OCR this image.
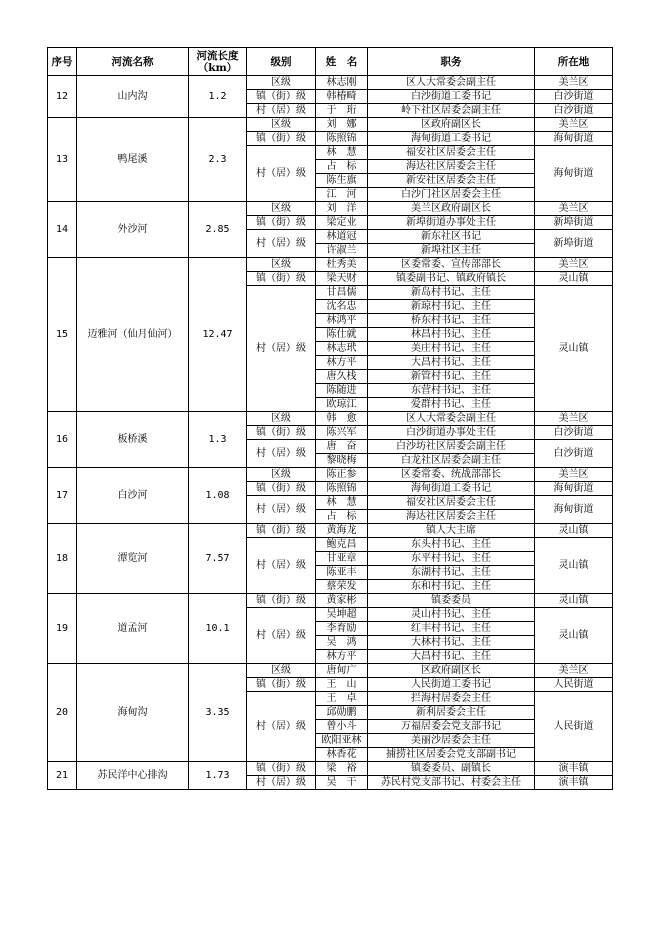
序号	河流名称	河流长度（km）	级别	姓　名	职务	所在地
12	山内沟	1.2	区级	林志刚	区人大常委会副主任	美兰区
			镇（街）级	韩椿畸	白沙街道工委书记	白沙街道
			村（居）级	于　珩	岭下社区居委会副主任	白沙街道
13	鸭尾溪	2.3	区级	刘　娜	区政府副区长	美兰区
			镇（街）级	陈照锦	海甸街道工委书记	海甸街道
			村（居）级	林　慧	福安社区居委会主任	海甸街道
				占　标	海达社区居委会主任	
				陈生旗	新安社区居委会主任	
				江　河	白沙门社区居委会主任	
14	外沙河	2.85	区级	刘　洋	美兰区政府副区长	美兰区
			镇（街）级	梁定业	新埠街道办事处主任	新埠街道
			村（居）级	林道冠	新东社区书记	新埠街道
				许淑兰	新埠社区主任	
15	迈雅河（仙月仙河）	12.47	区级	杜秀美	区委常委、宣传部部长	美兰区
			镇（街）级	梁天财	镇委副书记、镇政府镇长	灵山镇
			村（居）级	甘昌儒	新岛村书记、主任	灵山镇
				沈名忠	新琼村书记、主任	
				林鸿平	桥东村书记、主任	
				陈仕就	林昌村书记、主任	
				林志玳	美庄村书记、主任	
				林方平	大昌村书记、主任	
				唐久栈	新管村书记、主任	
				陈随进	东营村书记、主任	
				欧琼江	爱群村书记、主任	
16	板桥溪	1.3	区级	韩　愈	区人大常委会副主任	美兰区
			镇（街）级	陈兴军	白沙街道办事处主任	白沙街道
			村（居）级	唐　奋	白沙坊社区居委会副主任	白沙街道
				黎晓梅	白龙社区居委会副主任	
17	白沙河	1.08	区级	陈正参	区委常委、统战部部长	美兰区
			镇（街）级	陈照锦	海甸街道工委书记	海甸街道
			村（居）级	林　慧	福安社区居委会主任	海甸街道
				占　标	海达社区居委会主任	
18	潭览河	7.57	镇（街）级	黄海龙	镇人大主席	灵山镇
			村（居）级	鲍克昌	东头村书记、主任	灵山镇
				甘亚章	东平村书记、主任	
				陈亚丰	东湖村书记、主任	
				蔡荣发	东和村书记、主任	
19	道孟河	10.1	镇（街）级	黄家彬	镇委委员	灵山镇
			村（居）级	吴坤超	灵山村书记、主任	灵山镇
				李育励	红丰村书记、主任	
				吴　鸿	大林村书记、主任	
				林方平	大昌村书记、主任	
20	海甸沟	3.35	区级	唐甸广	区政府副区长	美兰区
			镇（街）级	王　山	人民街道工委书记	人民街道
			村（居）级	王　卓	拦海村居委会主任	人民街道
				邱勋鹏	新利居委会主任	
				曾小斗	万福居委会党支部书记	
				欧阳亚林	美丽沙居委会主任	
				林香花	捕捞社区居委会党支部副书记	
21	苏民洋中心排沟	1.73	镇（街）级	梁　裕	镇委委员、副镇长	演丰镇
			村（居）级	吴　干	苏民村党支部书记、村委会主任	演丰镇
